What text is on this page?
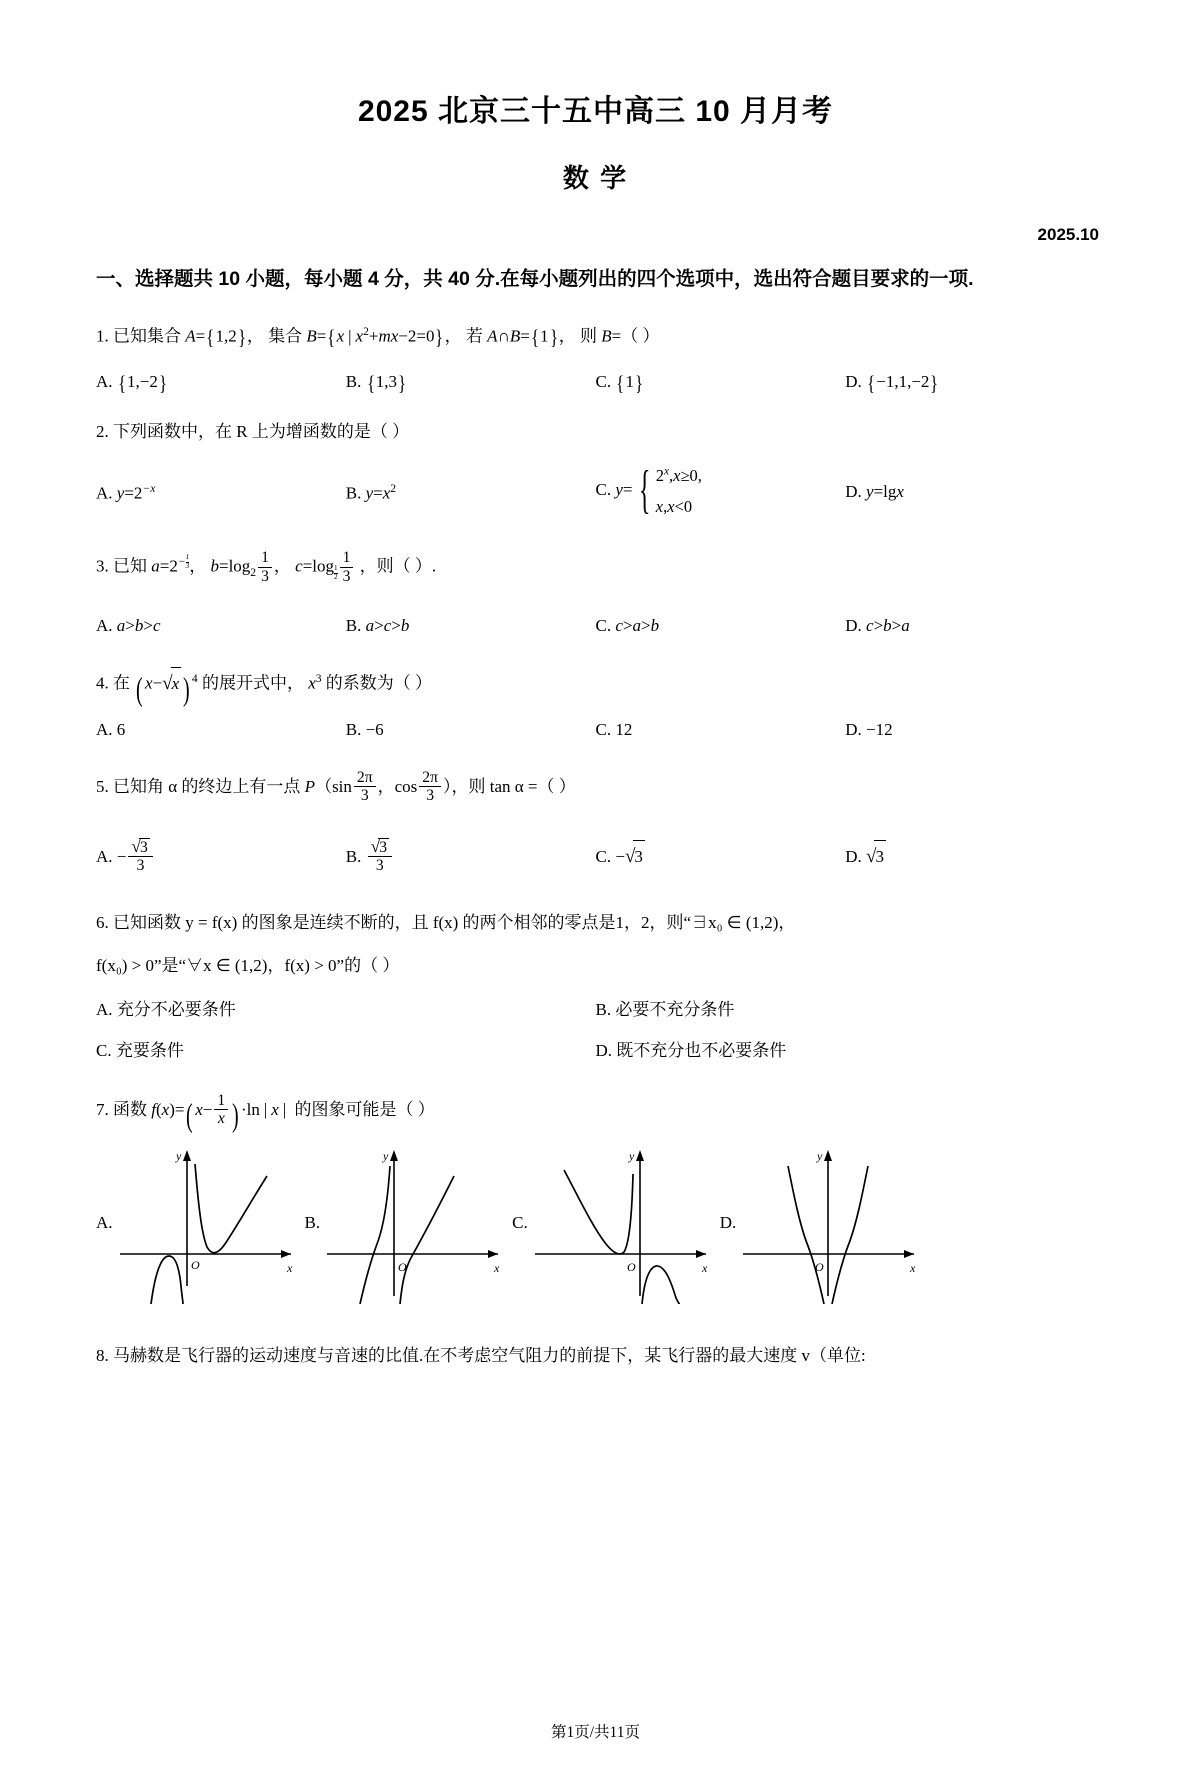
2025 北京三十五中高三 10 月月考
数 学
2025.10
一、选择题共 10 小题，每小题 4 分，共 40 分.在每小题列出的四个选项中，选出符合题目要求的一项.
1. 已知集合 A={1,2}， 集合 B={x | $x^2+mx-2=0$}， 若 A∩B={1}， 则 B=（ ）
A. {1,−2}	B. {1,3}	C. {1}	D. {−1,1,−2}
2. 下列函数中，在 R 上为增函数的是（ ）
A. $y=2^{-x}$	B. $y=x^2$	C. y= { $2^x,x\ge 0$,
x,x<0
D. y=lgx
3. 已知 $a=2^{- \frac{1}{3}}$ ， $b=\log_2 \frac{1}{3}$ ， c=log $_{\frac{1}{2}} \frac{1}{3}$ ，则（ ）.
A. a>b>c	B. a>c>b	C. c>a>b	D. c>b>a
4. 在 ( x−√x ) $^4$ 的展开式中， $x^3$ 的系数为（ ）
A. 6	B. −6	C. 12	D. −12
5. 已知角 α 的终边上有一点 $P(\sin \frac{2\pi}{3}$ ，$\cos \frac{2\pi}{3}$ ），则 tan α =（ ）
A. − $\frac{√3}{3}$	B. $\frac{√3}{3}$	C. −√3	D. √3
6. 已知函数 y = f(x) 的图象是连续不断的，且 f(x) 的两个相邻的零点是1，2，则“∃x₀ ∈ (1,2)，
f(x₀) > 0”是“∀x ∈ (1,2)，f(x) > 0”的（ ）
A. 充分不必要条件	B. 必要不充分条件
C. 充要条件	D. 既不充分也不必要条件
7. 函数 f(x)=( $x- \frac{1}{x}$ ) ·ln | x | 的图象可能是（ ）
A.
y
x
O
B.
y
x
O
C.
y
x
O
D.
y
x
O
8. 马赫数是飞行器的运动速度与音速的比值.在不考虑空气阻力的前提下，某飞行器的最大速度 v（单位:
第1页/共11页
